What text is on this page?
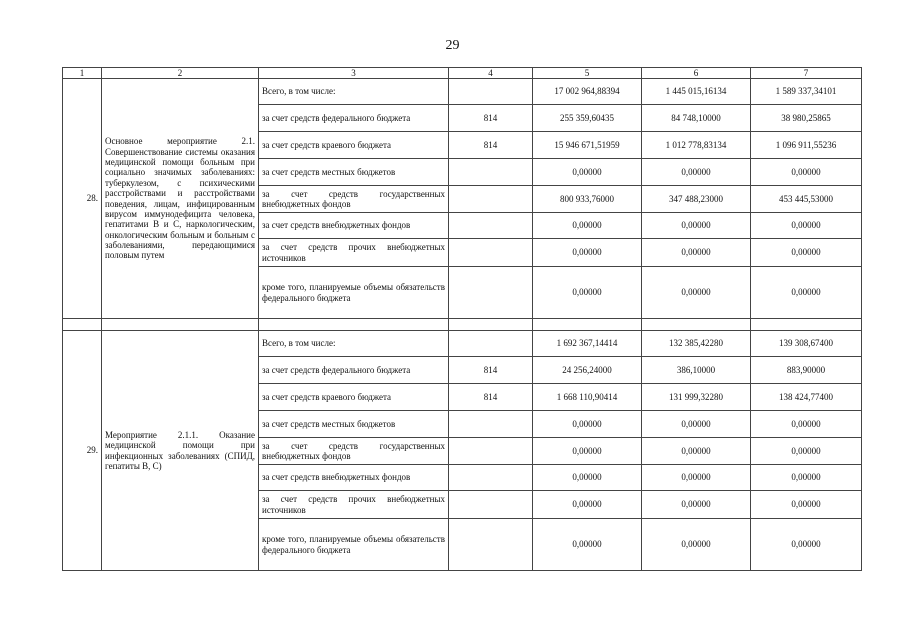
29
1	2	3	4	5	6	7
28.	Основное мероприятие 2.1. Совершенствование системы оказания медицинской помощи больным при социально значимых заболеваниях: туберкулезом, с психическими расстройствами и расстройствами поведения, лицам, инфицированным вирусом иммунодефицита человека, гепатитами В и С, наркологическим, онкологическим больным и больным с заболеваниями, передающимися половым путем	Всего, в том числе:		17 002 964,88394	1 445 015,16134	1 589 337,34101
		за счет средств федерального бюджета	814	255 359,60435	84 748,10000	38 980,25865
		за счет средств краевого бюджета	814	15 946 671,51959	1 012 778,83134	1 096 911,55236
		за счет средств местных бюджетов		0,00000	0,00000	0,00000
		за счет средств государственных внебюджетных фондов		800 933,76000	347 488,23000	453 445,53000
		за счет средств внебюджетных фондов		0,00000	0,00000	0,00000
		за счет средств прочих внебюджетных источников		0,00000	0,00000	0,00000
		кроме того, планируемые объемы обязательств федерального бюджета		0,00000	0,00000	0,00000

29.	Мероприятие 2.1.1. Оказание медицинской помощи при инфекционных заболеваниях (СПИД, гепатиты В, С)	Всего, в том числе:		1 692 367,14414	132 385,42280	139 308,67400
		за счет средств федерального бюджета	814	24 256,24000	386,10000	883,90000
		за счет средств краевого бюджета	814	1 668 110,90414	131 999,32280	138 424,77400
		за счет средств местных бюджетов		0,00000	0,00000	0,00000
		за счет средств государственных внебюджетных фондов		0,00000	0,00000	0,00000
		за счет средств внебюджетных фондов		0,00000	0,00000	0,00000
		за счет средств прочих внебюджетных источников		0,00000	0,00000	0,00000
		кроме того, планируемые объемы обязательств федерального бюджета		0,00000	0,00000	0,00000
